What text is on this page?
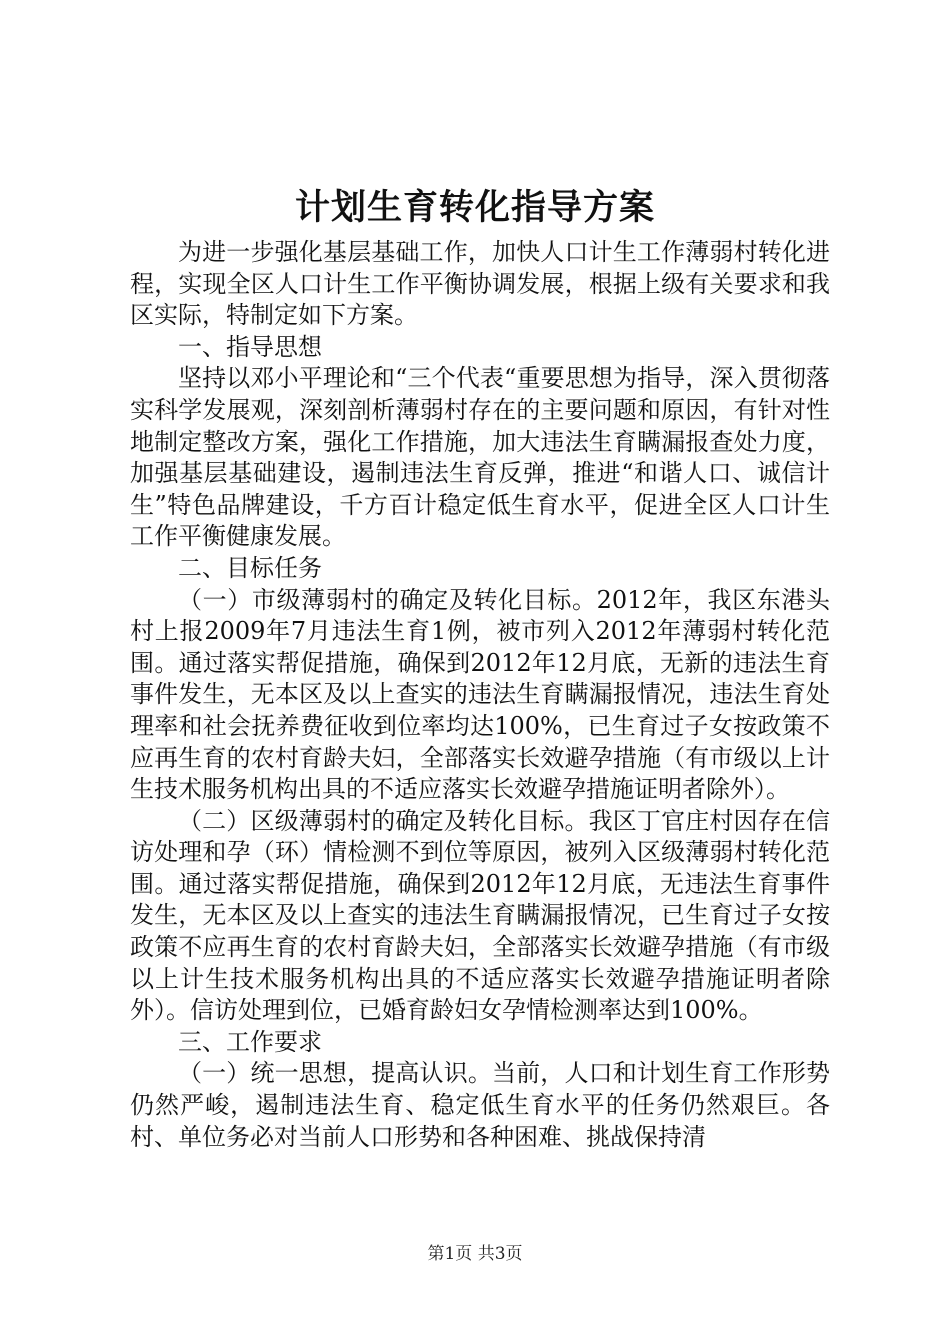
计划生育转化指导方案

为进一步强化基层基础工作，加快人口计生工作薄弱村转化进程，实现全区人口计生工作平衡协调发展，根据上级有关要求和我区实际，特制定如下方案。

一、指导思想

坚持以邓小平理论和“三个代表“重要思想为指导，深入贯彻落实科学发展观，深刻剖析薄弱村存在的主要问题和原因，有针对性地制定整改方案，强化工作措施，加大违法生育瞒漏报查处力度，加强基层基础建设，遏制违法生育反弹，推进“和谐人口、诚信计生”特色品牌建设，千方百计稳定低生育水平，促进全区人口计生工作平衡健康发展。

二、目标任务

（一）市级薄弱村的确定及转化目标。2012年，我区东港头村上报2009年7月违法生育1例，被市列入2012年薄弱村转化范围。通过落实帮促措施，确保到2012年12月底，无新的违法生育事件发生，无本区及以上查实的违法生育瞒漏报情况，违法生育处理率和社会抚养费征收到位率均达100%，已生育过子女按政策不应再生育的农村育龄夫妇，全部落实长效避孕措施（有市级以上计生技术服务机构出具的不适应落实长效避孕措施证明者除外）。

（二）区级薄弱村的确定及转化目标。我区丁官庄村因存在信访处理和孕（环）情检测不到位等原因，被列入区级薄弱村转化范围。通过落实帮促措施，确保到2012年12月底，无违法生育事件发生，无本区及以上查实的违法生育瞒漏报情况，已生育过子女按政策不应再生育的农村育龄夫妇，全部落实长效避孕措施（有市级以上计生技术服务机构出具的不适应落实长效避孕措施证明者除外）。信访处理到位，已婚育龄妇女孕情检测率达到100%。

三、工作要求

（一）统一思想，提高认识。当前，人口和计划生育工作形势仍然严峻，遏制违法生育、稳定低生育水平的任务仍然艰巨。各村、单位务必对当前人口形势和各种困难、挑战保持清

第1页 共3页
